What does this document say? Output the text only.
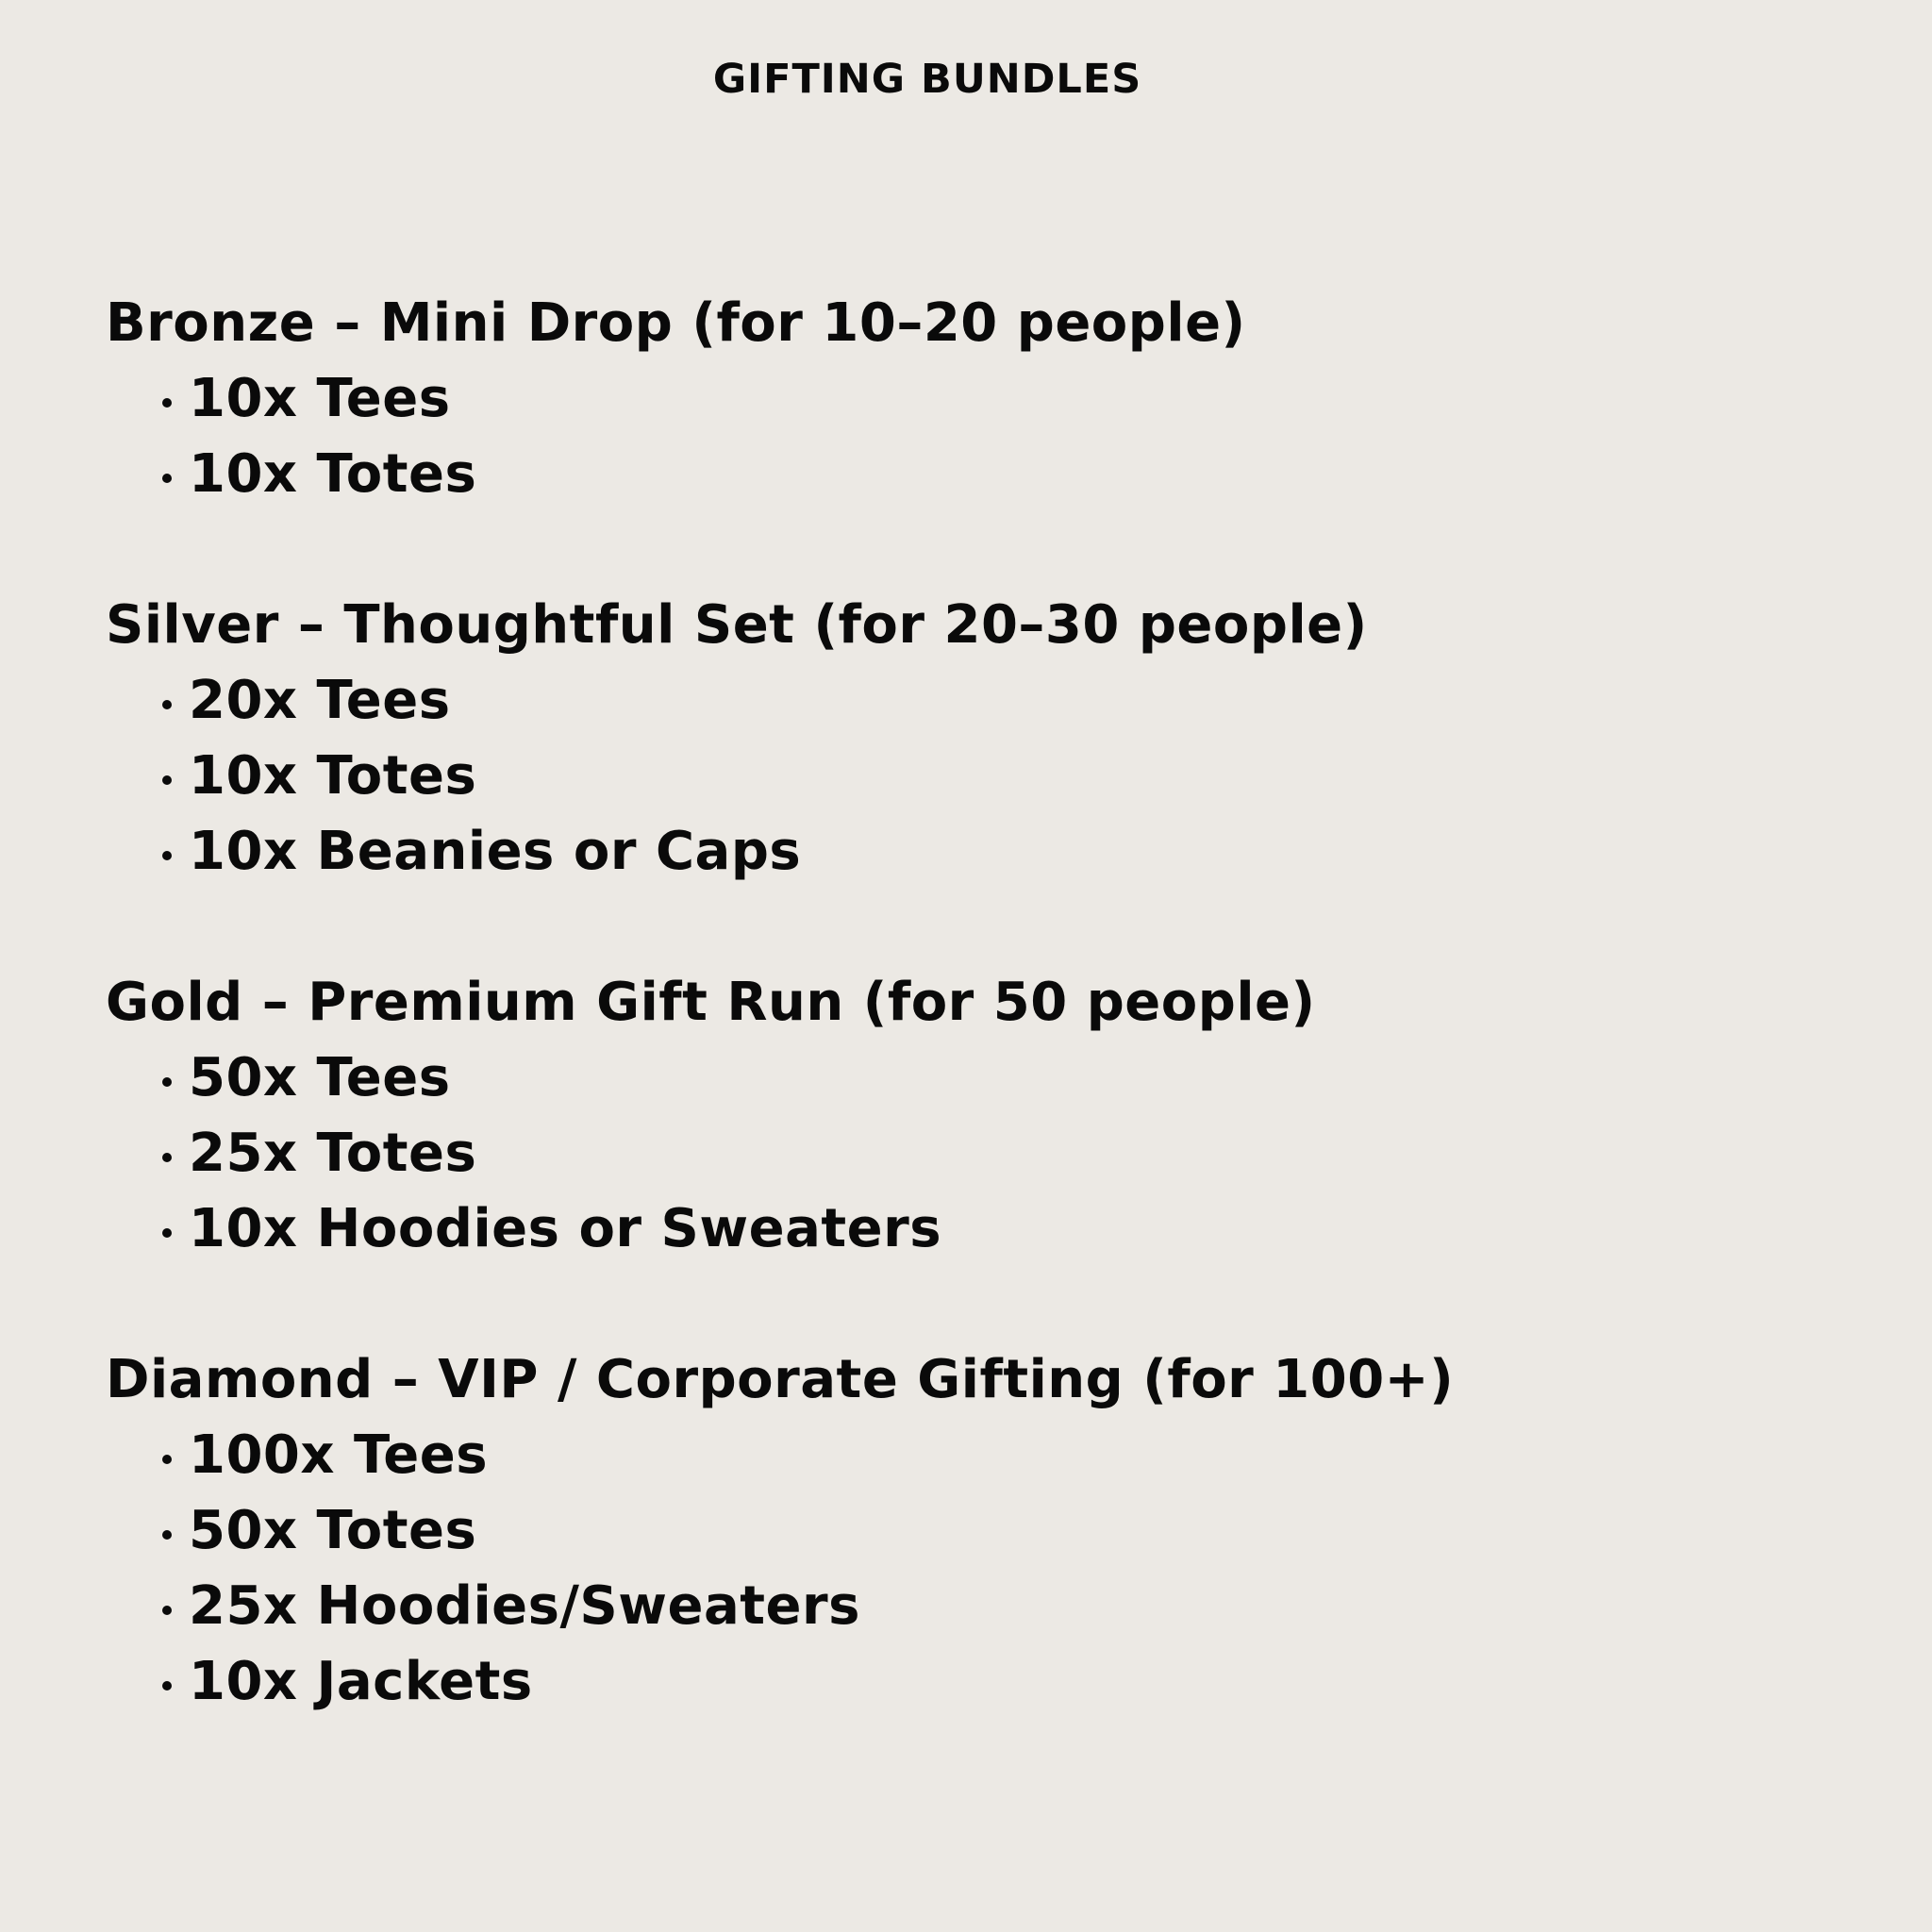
GIFTING BUNDLES
Bronze – Mini Drop (for 10–20 people)
10x Tees
10x Totes
Silver – Thoughtful Set (for 20–30 people)
20x Tees
10x Totes
10x Beanies or Caps
Gold – Premium Gift Run (for 50 people)
50x Tees
25x Totes
10x Hoodies or Sweaters
Diamond – VIP / Corporate Gifting (for 100+)
100x Tees
50x Totes
25x Hoodies/Sweaters
10x Jackets
